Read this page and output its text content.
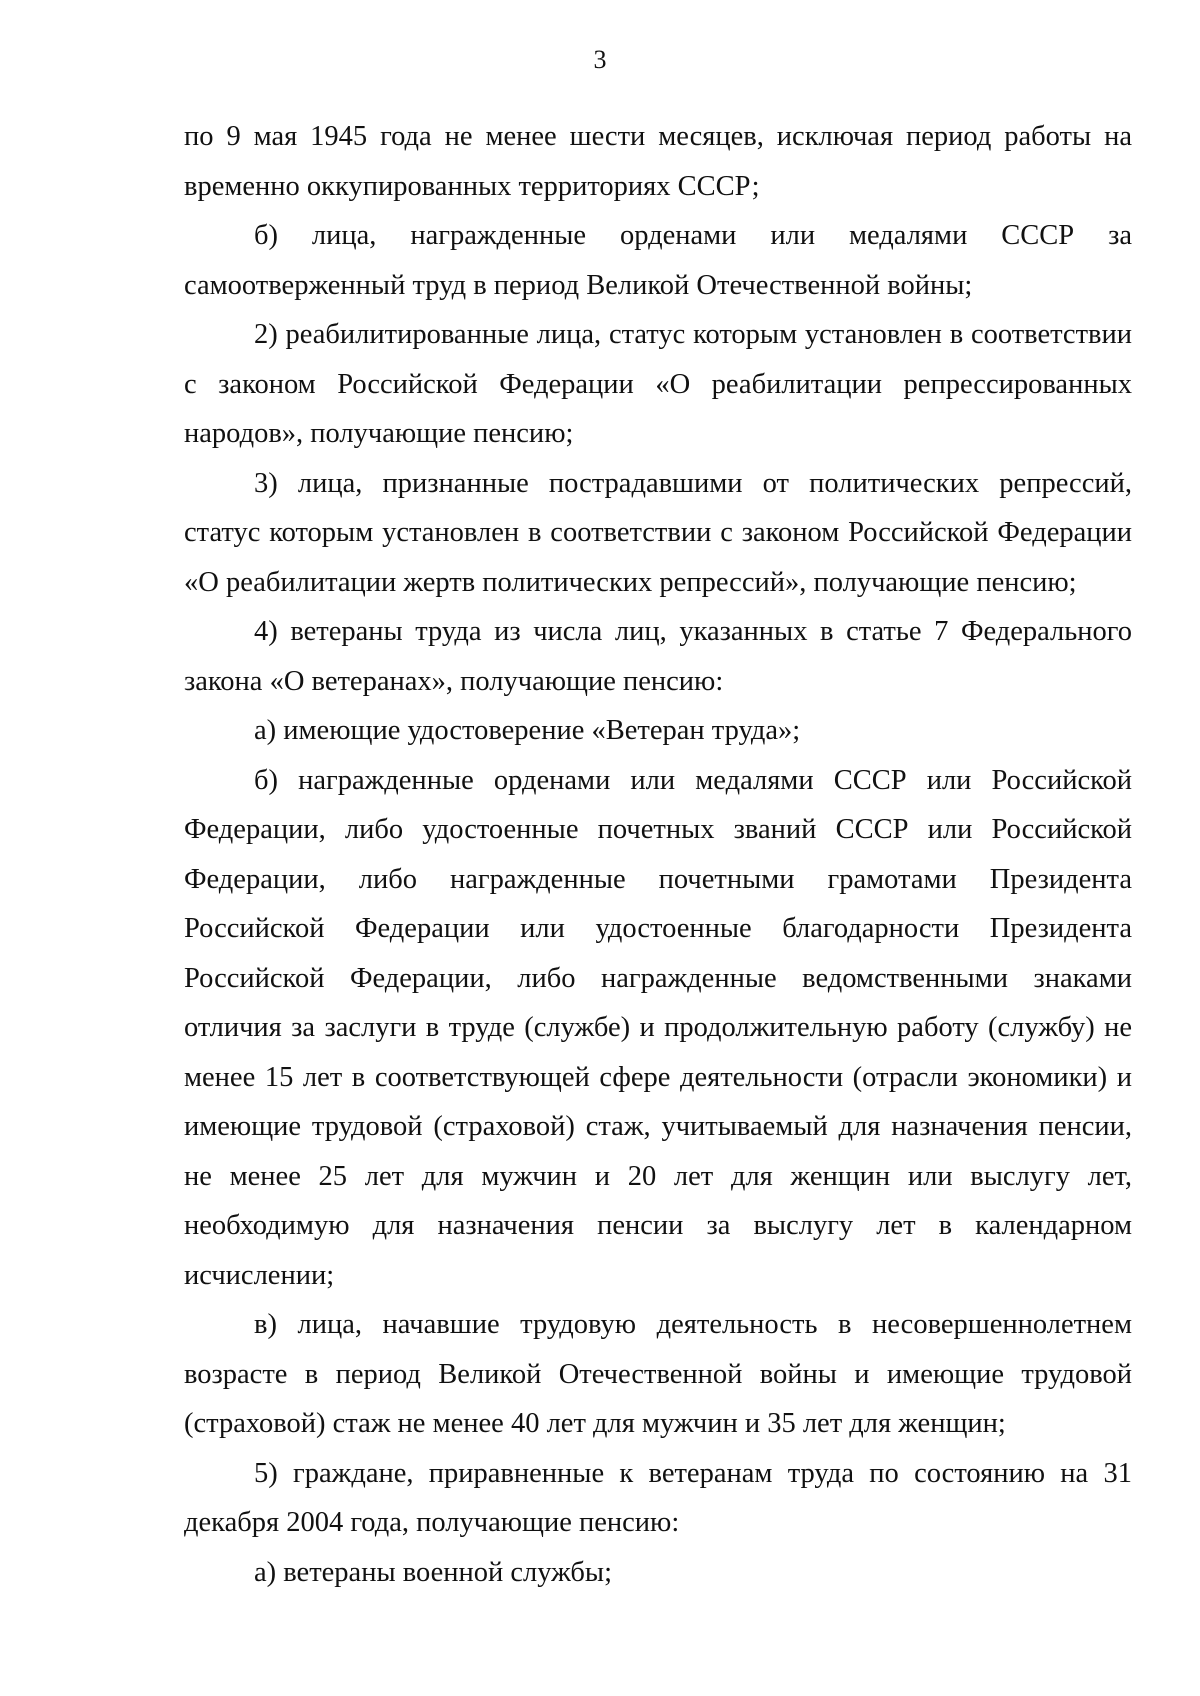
3

по 9 мая 1945 года не менее шести месяцев, исключая период работы на временно оккупированных территориях СССР;

б) лица, награжденные орденами или медалями СССР за самоотверженный труд в период Великой Отечественной войны;

2) реабилитированные лица, статус которым установлен в соответствии с законом Российской Федерации «О реабилитации репрессированных народов», получающие пенсию;

3) лица, признанные пострадавшими от политических репрессий, статус которым установлен в соответствии с законом Российской Федерации «О реабилитации жертв политических репрессий», получающие пенсию;

4) ветераны труда из числа лиц, указанных в статье 7 Федерального закона «О ветеранах», получающие пенсию:

а) имеющие удостоверение «Ветеран труда»;

б) награжденные орденами или медалями СССР или Российской Федерации, либо удостоенные почетных званий СССР или Российской Федерации, либо награжденные почетными грамотами Президента Российской Федерации или удостоенные благодарности Президента Российской Федерации, либо награжденные ведомственными знаками отличия за заслуги в труде (службе) и продолжительную работу (службу) не менее 15 лет в соответствующей сфере деятельности (отрасли экономики) и имеющие трудовой (страховой) стаж, учитываемый для назначения пенсии, не менее 25 лет для мужчин и 20 лет для женщин или выслугу лет, необходимую для назначения пенсии за выслугу лет в календарном исчислении;

в) лица, начавшие трудовую деятельность в несовершеннолетнем возрасте в период Великой Отечественной войны и имеющие трудовой (страховой) стаж не менее 40 лет для мужчин и 35 лет для женщин;

5) граждане, приравненные к ветеранам труда по состоянию на 31 декабря 2004 года, получающие пенсию:

а) ветераны военной службы;
